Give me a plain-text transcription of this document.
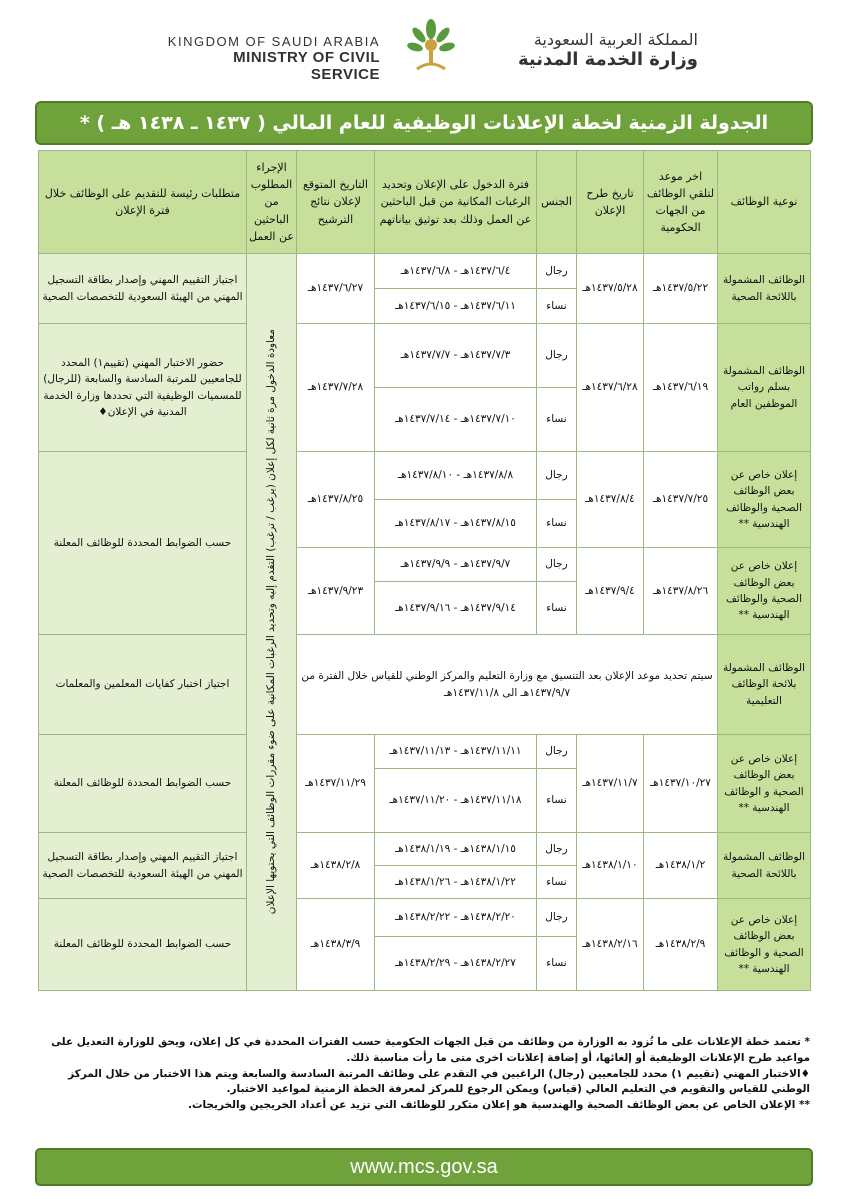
KINGDOM OF SAUDI ARABIA
MINISTRY OF CIVIL SERVICE
المملكة العربية السعودية
وزارة الخدمة المدنية
الجدولة الزمنية لخطة الإعلانات الوظيفية للعام المالي ( ١٤٣٧ ـ ١٤٣٨ هـ ) *
نوعية الوظائف	اخر موعد لتلقي الوظائف من الجهات الحكومية	تاريخ طرح الإعلان	الجنس	فترة الدخول على الإعلان وتحديد الرغبات المكانية من قبل الباحثين عن العمل وذلك بعد توثيق بياناتهم	التاريخ المتوقع لإعلان نتائج الترشيح	الإجراء المطلوب من الباحثين عن العمل	متطلبات رئيسة للتقديم على الوظائف خلال فترة الإعلان
الوظائف المشمولة باللائحة الصحية	١٤٣٧/٥/٢٢هـ	١٤٣٧/٥/٢٨هـ	رجال	١٤٣٧/٦/٤هـ - ١٤٣٧/٦/٨هـ	١٤٣٧/٦/٢٧هـ	معاودة الدخول مرة ثانية لكل إعلان (يرغب / ترغب) التقدم إليه وتحديد الرغبات المكانية على ضوء مقررات الوظائف التي يحتويها الإعلان	اجتياز التقييم المهني وإصدار بطاقة التسجيل المهني من الهيئة السعودية للتخصصات الصحية
			نساء	١٤٣٧/٦/١١هـ - ١٤٣٧/٦/١٥هـ			
الوظائف المشمولة بسلم رواتب الموظفين العام	١٤٣٧/٦/١٩هـ	١٤٣٧/٦/٢٨هـ	رجال	١٤٣٧/٧/٣هـ - ١٤٣٧/٧/٧هـ	١٤٣٧/٧/٢٨هـ		حضور الاختبار المهني (تقييم١) المحدد للجامعيين للمرتبة السادسة والسابعة (للرجال) للمسميات الوظيفية التي تحددها وزارة الخدمة المدنية في الإعلان♦
			نساء	١٤٣٧/٧/١٠هـ - ١٤٣٧/٧/١٤هـ			
إعلان خاص عن بعض الوظائف الصحية والوظائف الهندسية **	١٤٣٧/٧/٢٥هـ	١٤٣٧/٨/٤هـ	رجال	١٤٣٧/٨/٨هـ - ١٤٣٧/٨/١٠هـ	١٤٣٧/٨/٢٥هـ		حسب الضوابط المحددة للوظائف المعلنة
			نساء	١٤٣٧/٨/١٥هـ - ١٤٣٧/٨/١٧هـ			
إعلان خاص عن بعض الوظائف الصحية والوظائف الهندسية **	١٤٣٧/٨/٢٦هـ	١٤٣٧/٩/٤هـ	رجال	١٤٣٧/٩/٧هـ - ١٤٣٧/٩/٩هـ	١٤٣٧/٩/٢٣هـ		
			نساء	١٤٣٧/٩/١٤هـ - ١٤٣٧/٩/١٦هـ			
الوظائف المشمولة بلائحة الوظائف التعليمية	سيتم تحديد موعد الإعلان بعد التنسيق مع وزارة التعليم والمركز الوطني للقياس خلال الفترة من ١٤٣٧/٩/٧هـ الى ١٤٣٧/١١/٨هـ						اجتياز اختبار كفايات المعلمين والمعلمات
إعلان خاص عن بعض الوظائف الصحية و الوظائف الهندسية **	١٤٣٧/١٠/٢٧هـ	١٤٣٧/١١/٧هـ	رجال	١٤٣٧/١١/١١هـ - ١٤٣٧/١١/١٣هـ	١٤٣٧/١١/٢٩هـ		حسب الضوابط المحددة للوظائف المعلنة
			نساء	١٤٣٧/١١/١٨هـ - ١٤٣٧/١١/٢٠هـ			
الوظائف المشمولة باللائحة الصحية	١٤٣٨/١/٢هـ	١٤٣٨/١/١٠هـ	رجال	١٤٣٨/١/١٥هـ - ١٤٣٨/١/١٩هـ	١٤٣٨/٢/٨هـ		اجتياز التقييم المهني وإصدار بطاقة التسجيل المهني من الهيئة السعودية للتخصصات الصحية
			نساء	١٤٣٨/١/٢٢هـ - ١٤٣٨/١/٢٦هـ			
إعلان خاص عن بعض الوظائف الصحية و الوظائف الهندسية **	١٤٣٨/٢/٩هـ	١٤٣٨/٢/١٦هـ	رجال	١٤٣٨/٢/٢٠هـ - ١٤٣٨/٢/٢٢هـ	١٤٣٨/٣/٩هـ		حسب الضوابط المحددة للوظائف المعلنة
			نساء	١٤٣٨/٢/٢٧هـ - ١٤٣٨/٢/٢٩هـ			

* تعتمد خطة الإعلانات على ما تُزود به الوزارة من وظائف من قبل الجهات الحكومية حسب الفترات المحددة في كل إعلان، ويحق للوزارة التعديل على مواعيد طرح الإعلانات الوظيفية أو إلغائها، أو إضافة إعلانات اخرى متى ما رأت مناسبة ذلك.

♦الاختبار المهني (تقييم ١) محدد للجامعيين (رجال) الراغبين في التقدم على وظائف المرتبة السادسة والسابعة ويتم هذا الاختبار من خلال المركز الوطني للقياس والتقويم في التعليم العالي (قياس) ويمكن الرجوع للمركز لمعرفة الخطة الزمنية لمواعيد الاختبار.

** الإعلان الخاص عن بعض الوظائف الصحية والهندسية هو إعلان متكرر للوظائف التي تزيد عن أعداد الخريجين والخريجات.

www.mcs.gov.sa
